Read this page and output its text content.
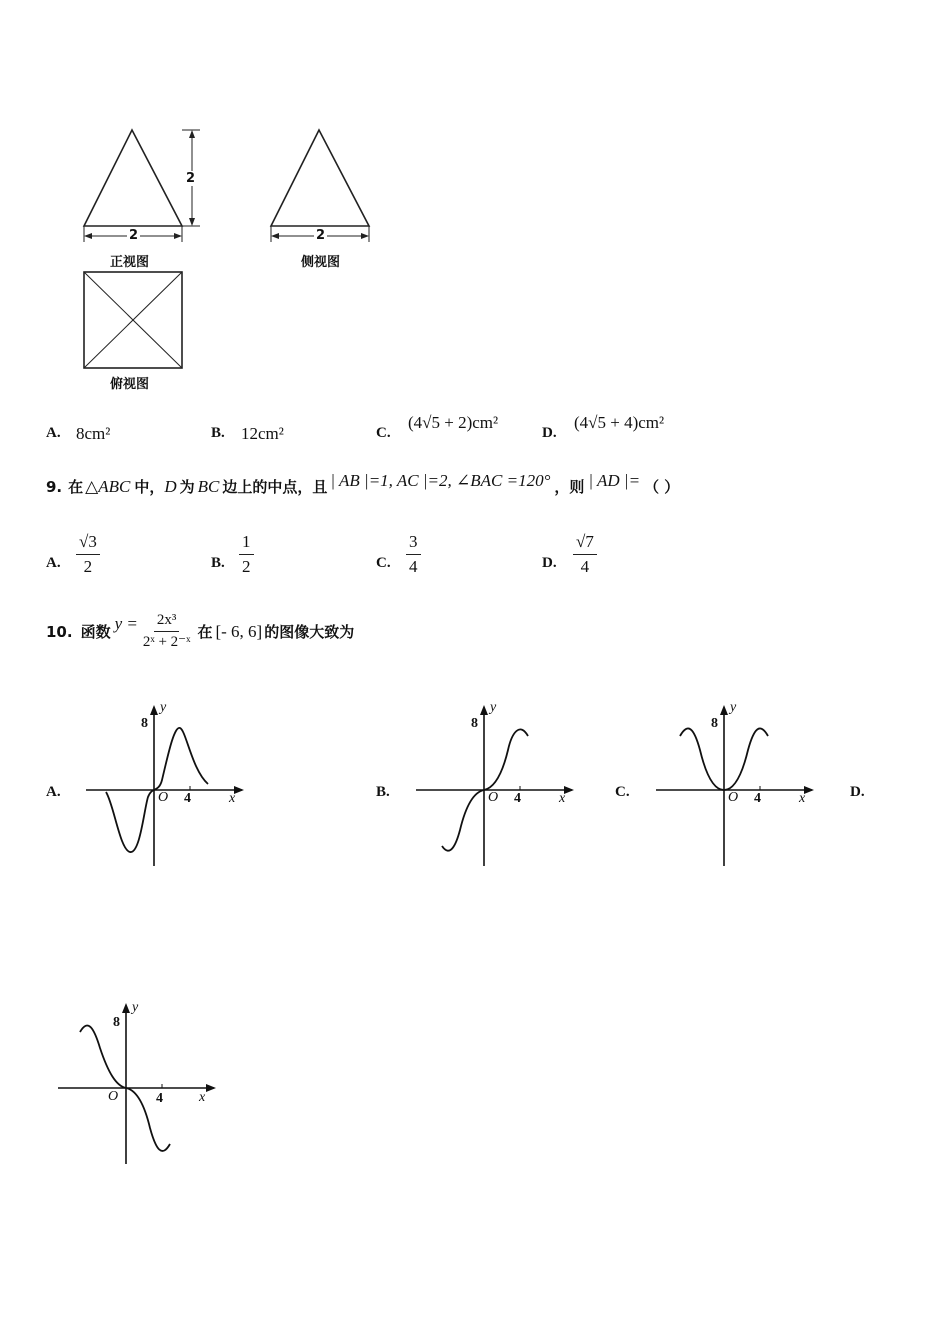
2
2	2
正视图	侧视图
俯视图
A. 8cm²	B. 12cm²	C.
(4√5 + 2)cm²
D.
(4√5 + 4)cm²
9. 在 △ABC 中， D 为 BC 边上的中点，且 | AB |=1, AC |=2, ∠BAC =120° ，则 | AD |= （ ）
A. $\frac{√3}{2}$	B. $\frac{1}{2}$	C. $\frac{3}{4}$	D. $\frac{√7}{4}$
10. 函数 $y = \frac{\text{2x³}}{\text{2ˣ + 2⁻ˣ}}$ 在 [- 6, 6] 的图像大致为
A.	B.	C.	D.
y
8
O 4	x
y
8
O 4	x
y
8
O 4	x
y
8
O	4	x
